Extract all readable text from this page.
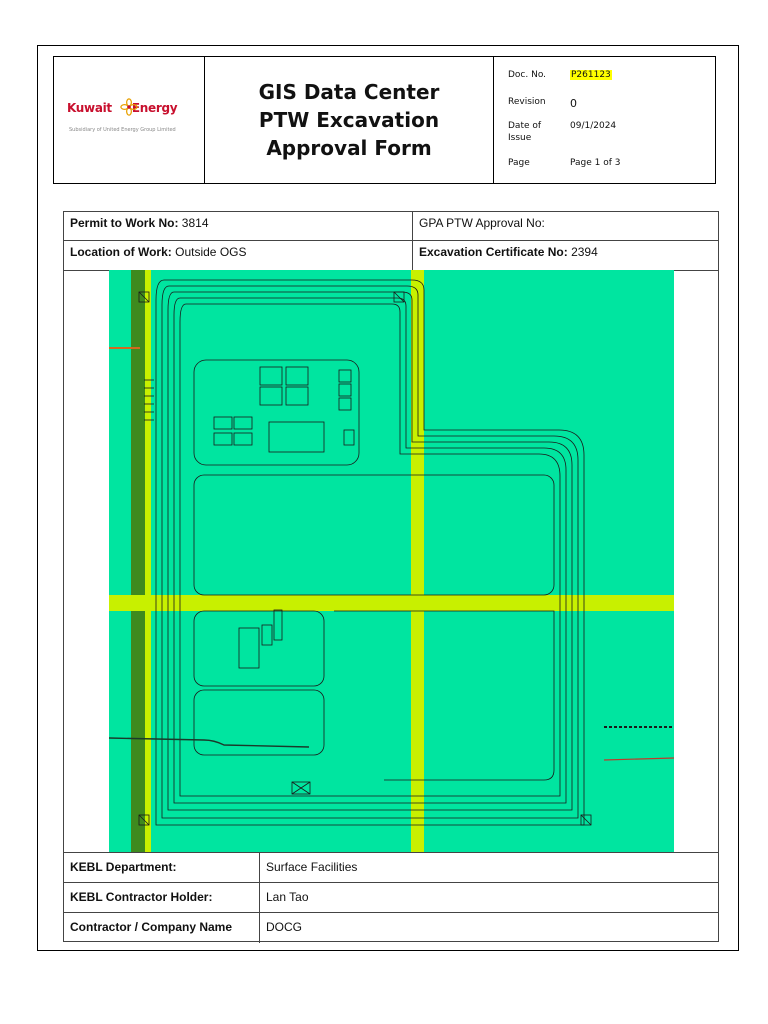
Kuwait Energy
Subsidiary of United Energy Group Limited
GIS Data Center
PTW Excavation
Approval Form
Doc. No.	P261123
Revision 0
Date of
Issue
09/1/2024
Page	Page 1 of 3
Permit to Work No: 3814	GPA PTW Approval No:
Location of Work: Outside OGS	Excavation Certificate No: 2394
KEBL Department:	Surface Facilities
KEBL Contractor Holder:	Lan Tao
Contractor / Company Name	DOCG
